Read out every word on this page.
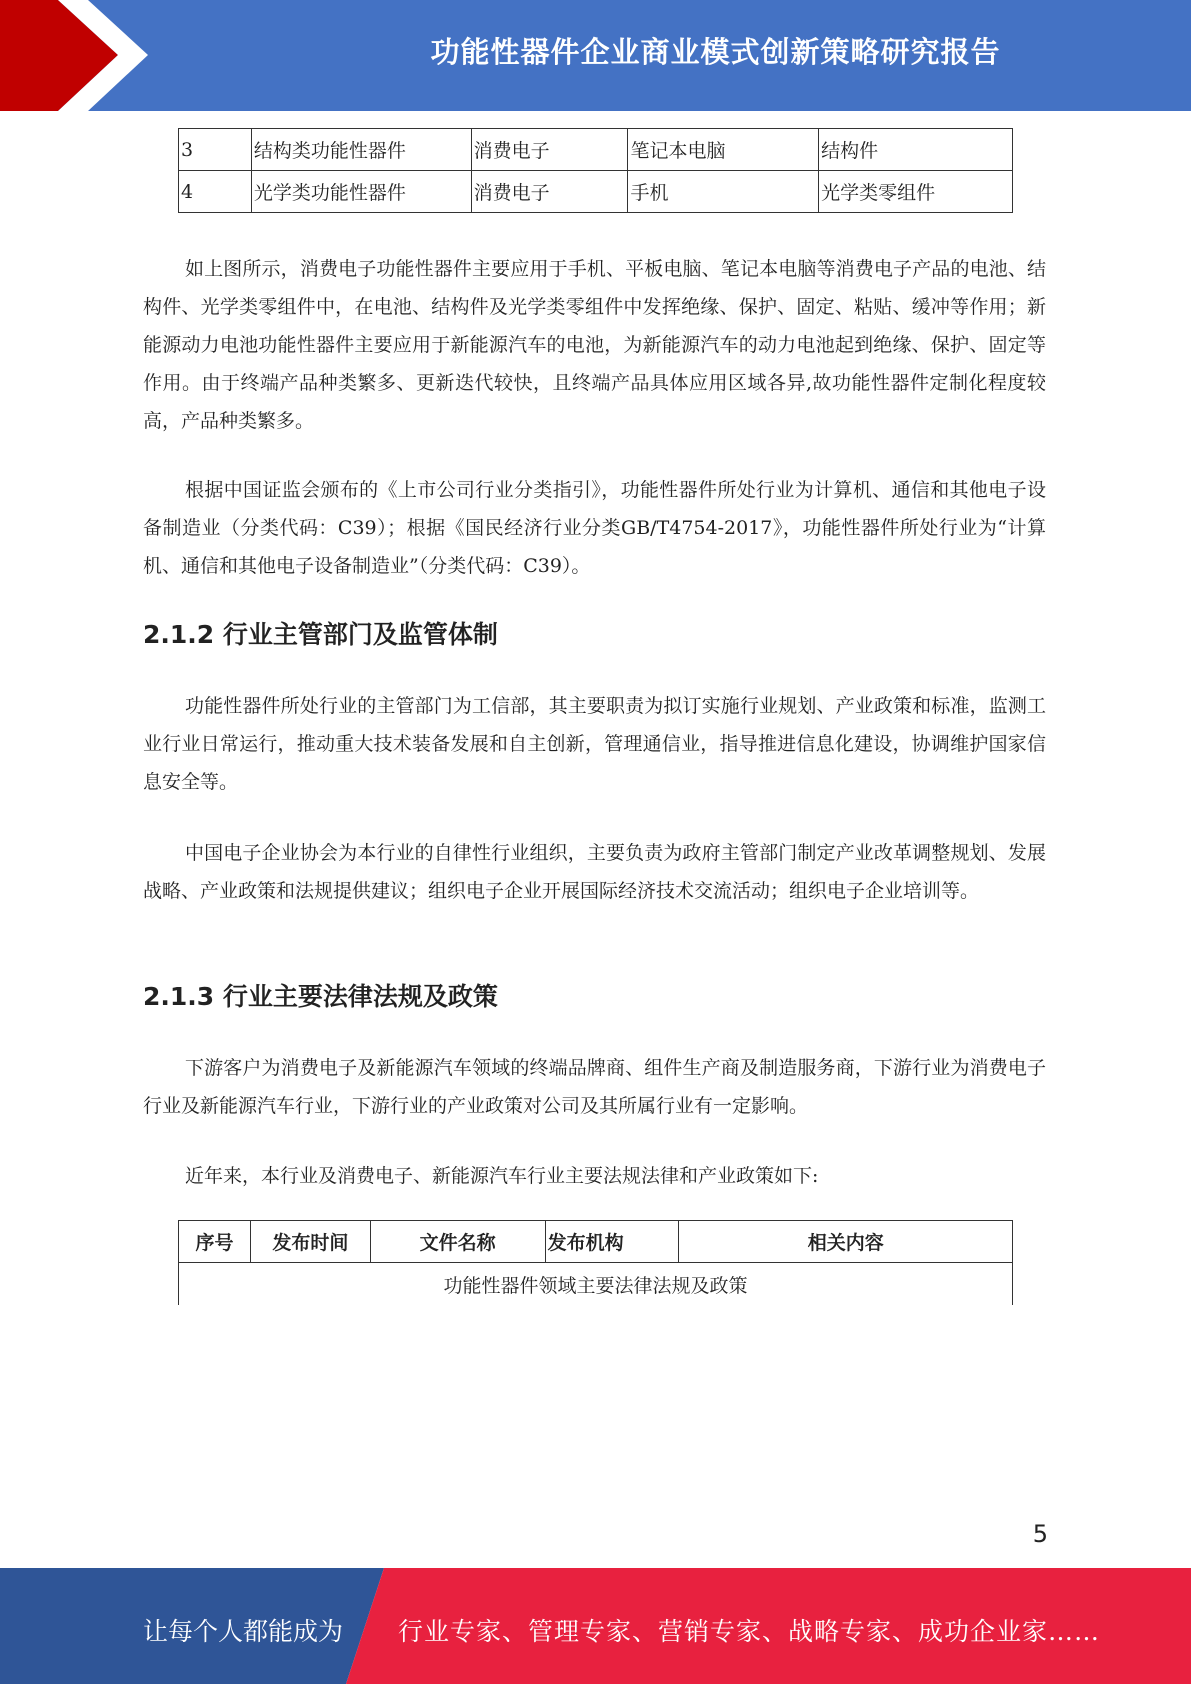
功能性器件企业商业模式创新策略研究报告
3	结构类功能性器件	消费电子	笔记本电脑	结构件
4	光学类功能性器件	消费电子	手机	光学类零组件

如上图所示，消费电子功能性器件主要应用于手机、平板电脑、笔记本电脑等消费电子产品的电池、结构件、光学类零组件中，在电池、结构件及光学类零组件中发挥绝缘、保护、固定、粘贴、缓冲等作用；新能源动力电池功能性器件主要应用于新能源汽车的电池，为新能源汽车的动力电池起到绝缘、保护、固定等作用。由于终端产品种类繁多、更新迭代较快，且终端产品具体应用区域各异,故功能性器件定制化程度较高，产品种类繁多。

根据中国证监会颁布的《上市公司行业分类指引》，功能性器件所处行业为计算机、通信和其他电子设备制造业（分类代码：C39）；根据《国民经济行业分类GB/T4754-2017》，功能性器件所处行业为“计算机、通信和其他电子设备制造业”（分类代码：C39）。

2.1.2 行业主管部门及监管体制

功能性器件所处行业的主管部门为工信部，其主要职责为拟订实施行业规划、产业政策和标准，监测工业行业日常运行，推动重大技术装备发展和自主创新，管理通信业，指导推进信息化建设，协调维护国家信息安全等。

中国电子企业协会为本行业的自律性行业组织，主要负责为政府主管部门制定产业改革调整规划、发展战略、产业政策和法规提供建议；组织电子企业开展国际经济技术交流活动；组织电子企业培训等。

2.1.3 行业主要法律法规及政策

下游客户为消费电子及新能源汽车领域的终端品牌商、组件生产商及制造服务商，下游行业为消费电子行业及新能源汽车行业，下游行业的产业政策对公司及其所属行业有一定影响。

近年来，本行业及消费电子、新能源汽车行业主要法规法律和产业政策如下:

序号	发布时间	文件名称	发布机构	相关内容
功能性器件领域主要法律法规及政策
5
让每个人都能成为 行业专家、管理专家、营销专家、战略专家、成功企业家……
